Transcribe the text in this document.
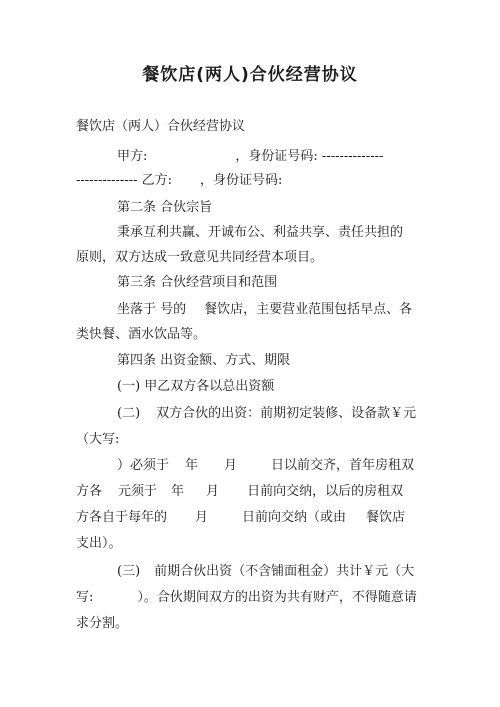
餐饮店(两人)合伙经营协议
餐饮店（两人）合伙经营协议
甲方:	，身份证号码: --------------
-------------- 乙方: ，身份证号码:
第二条 合伙宗旨
秉承互利共赢、开诚布公、利益共享、责任共担的
原则，双方达成一致意见共同经营本项目。
第三条 合伙经营项目和范围
坐落于 号的 餐饮店，主要营业范围包括早点、各
类快餐、酒水饮品等。
第四条 出资金额、方式、期限
(一) 甲乙双方各以总出资额
(二) 双方合伙的出资：前期初定装修、设备款￥元
（大写:
）必须于 年 月	日以前交齐，首年房租双
方各 元须于 年 月 日前向交纳，以后的房租双
方各自于每年的 月	日前向交纳（或由 餐饮店
支出）。
(三) 前期合伙出资（不含铺面租金）共计￥元（大
写:	）。合伙期间双方的出资为共有财产，不得随意请
求分割。
